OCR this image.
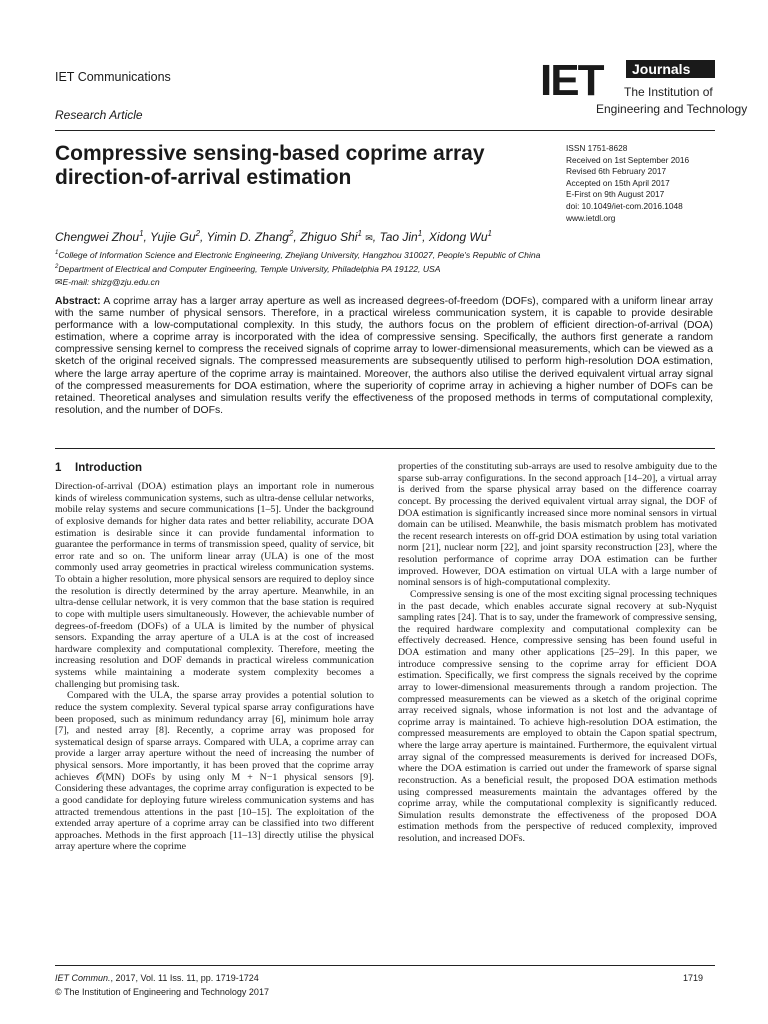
IET Communications
Research Article
IET	Journals
The Institution of
Engineering and Technology
Compressive sensing-based coprime array direction-of-arrival estimation
ISSN 1751-8628
Received on 1st September 2016
Revised 6th February 2017
Accepted on 15th April 2017
E-First on 9th August 2017
doi: 10.1049/iet-com.2016.1048
www.ietdl.org
Chengwei Zhou$^1$, Yujie Gu$^2$, Yimin D. Zhang$^2$, Zhiguo Shi$^1$ ✉, Tao Jin$^1$, Xidong Wu$^1$
$^1$College of Information Science and Electronic Engineering, Zhejiang University, Hangzhou 310027, People's Republic of China
$^2$Department of Electrical and Computer Engineering, Temple University, Philadelphia PA 19122, USA
✉E-mail: shizg@zju.edu.cn

Abstract: A coprime array has a larger array aperture as well as increased degrees-of-freedom (DOFs), compared with a uniform linear array with the same number of physical sensors. Therefore, in a practical wireless communication system, it is capable to provide desirable performance with a low-computational complexity. In this study, the authors focus on the problem of efficient direction-of-arrival (DOA) estimation, where a coprime array is incorporated with the idea of compressive sensing. Specifically, the authors first generate a random compressive sensing kernel to compress the received signals of coprime array to lower-dimensional measurements, which can be viewed as a sketch of the original received signals. The compressed measurements are subsequently utilised to perform high-resolution DOA estimation, where the large array aperture of the coprime array is maintained. Moreover, the authors also utilise the derived equivalent virtual array signal of the compressed measurements for DOA estimation, where the superiority of coprime array in achieving a higher number of DOFs can be retained. Theoretical analyses and simulation results verify the effectiveness of the proposed methods in terms of computational complexity, resolution, and the number of DOFs.

1 Introduction

Direction-of-arrival (DOA) estimation plays an important role in numerous kinds of wireless communication systems, such as ultra-dense cellular networks, mobile relay systems and secure communications [1–5]. Under the background of explosive demands for higher data rates and better reliability, accurate DOA estimation is desirable since it can provide fundamental information to guarantee the performance in terms of transmission speed, quality of service, bit error rate and so on. The uniform linear array (ULA) is one of the most commonly used array geometries in practical wireless communication systems. To obtain a higher resolution, more physical sensors are required to deploy since the resolution is directly determined by the array aperture. Meanwhile, in an ultra-dense cellular network, it is very common that the base station is required to cope with multiple users simultaneously. However, the achievable number of degrees-of-freedom (DOFs) of a ULA is limited by the number of physical sensors. Expanding the array aperture of a ULA is at the cost of increased hardware complexity and computational complexity. Therefore, meeting the increasing resolution and DOF demands in practical wireless communication systems while maintaining a moderate system complexity becomes a challenging but promising task.

Compared with the ULA, the sparse array provides a potential solution to reduce the system complexity. Several typical sparse array configurations have been proposed, such as minimum redundancy array [6], minimum hole array [7], and nested array [8]. Recently, a coprime array was proposed for systematical design of sparse arrays. Compared with ULA, a coprime array can provide a larger array aperture without the need of increasing the number of physical sensors. More importantly, it has been proved that the coprime array achieves 𝒪(MN) DOFs by using only M + N−1 physical sensors [9]. Considering these advantages, the coprime array configuration is expected to be a good candidate for deploying future wireless communication systems and has attracted tremendous attentions in the past [10–15]. The exploitation of the extended array aperture of a coprime array can be classified into two different approaches. Methods in the first approach [11–13] directly utilise the physical array aperture where the coprime

properties of the constituting sub-arrays are used to resolve ambiguity due to the sparse sub-array configurations. In the second approach [14–20], a virtual array is derived from the sparse physical array based on the difference coarray concept. By processing the derived equivalent virtual array signal, the DOF of DOA estimation is significantly increased since more nominal sensors in virtual domain can be utilised. Meanwhile, the basis mismatch problem has motivated the recent research interests on off-grid DOA estimation by using total variation norm [21], nuclear norm [22], and joint sparsity reconstruction [23], where the resolution performance of coprime array DOA estimation can be further improved. However, DOA estimation on virtual ULA with a large number of nominal sensors is of high-computational complexity.

Compressive sensing is one of the most exciting signal processing techniques in the past decade, which enables accurate signal recovery at sub-Nyquist sampling rates [24]. That is to say, under the framework of compressive sensing, the required hardware complexity and computational complexity can be effectively decreased. Hence, compressive sensing has been found useful in DOA estimation and many other applications [25–29]. In this paper, we introduce compressive sensing to the coprime array for efficient DOA estimation. Specifically, we first compress the signals received by the coprime array to lower-dimensional measurements through a random projection. The compressed measurements can be viewed as a sketch of the original coprime array received signals, whose information is not lost and the advantage of coprime array is maintained. To achieve high-resolution DOA estimation, the compressed measurements are employed to obtain the Capon spatial spectrum, where the large array aperture is maintained. Furthermore, the equivalent virtual array signal of the compressed measurements is derived for increased DOFs, where the DOA estimation is carried out under the framework of sparse signal reconstruction. As a beneficial result, the proposed DOA estimation methods using compressed measurements maintain the advantages offered by the coprime array, while the computational complexity is significantly reduced. Simulation results demonstrate the effectiveness of the proposed DOA estimation methods from the perspective of reduced complexity, improved resolution, and increased DOFs.

IET Commun., 2017, Vol. 11 Iss. 11, pp. 1719-1724
© The Institution of Engineering and Technology 2017
1719
